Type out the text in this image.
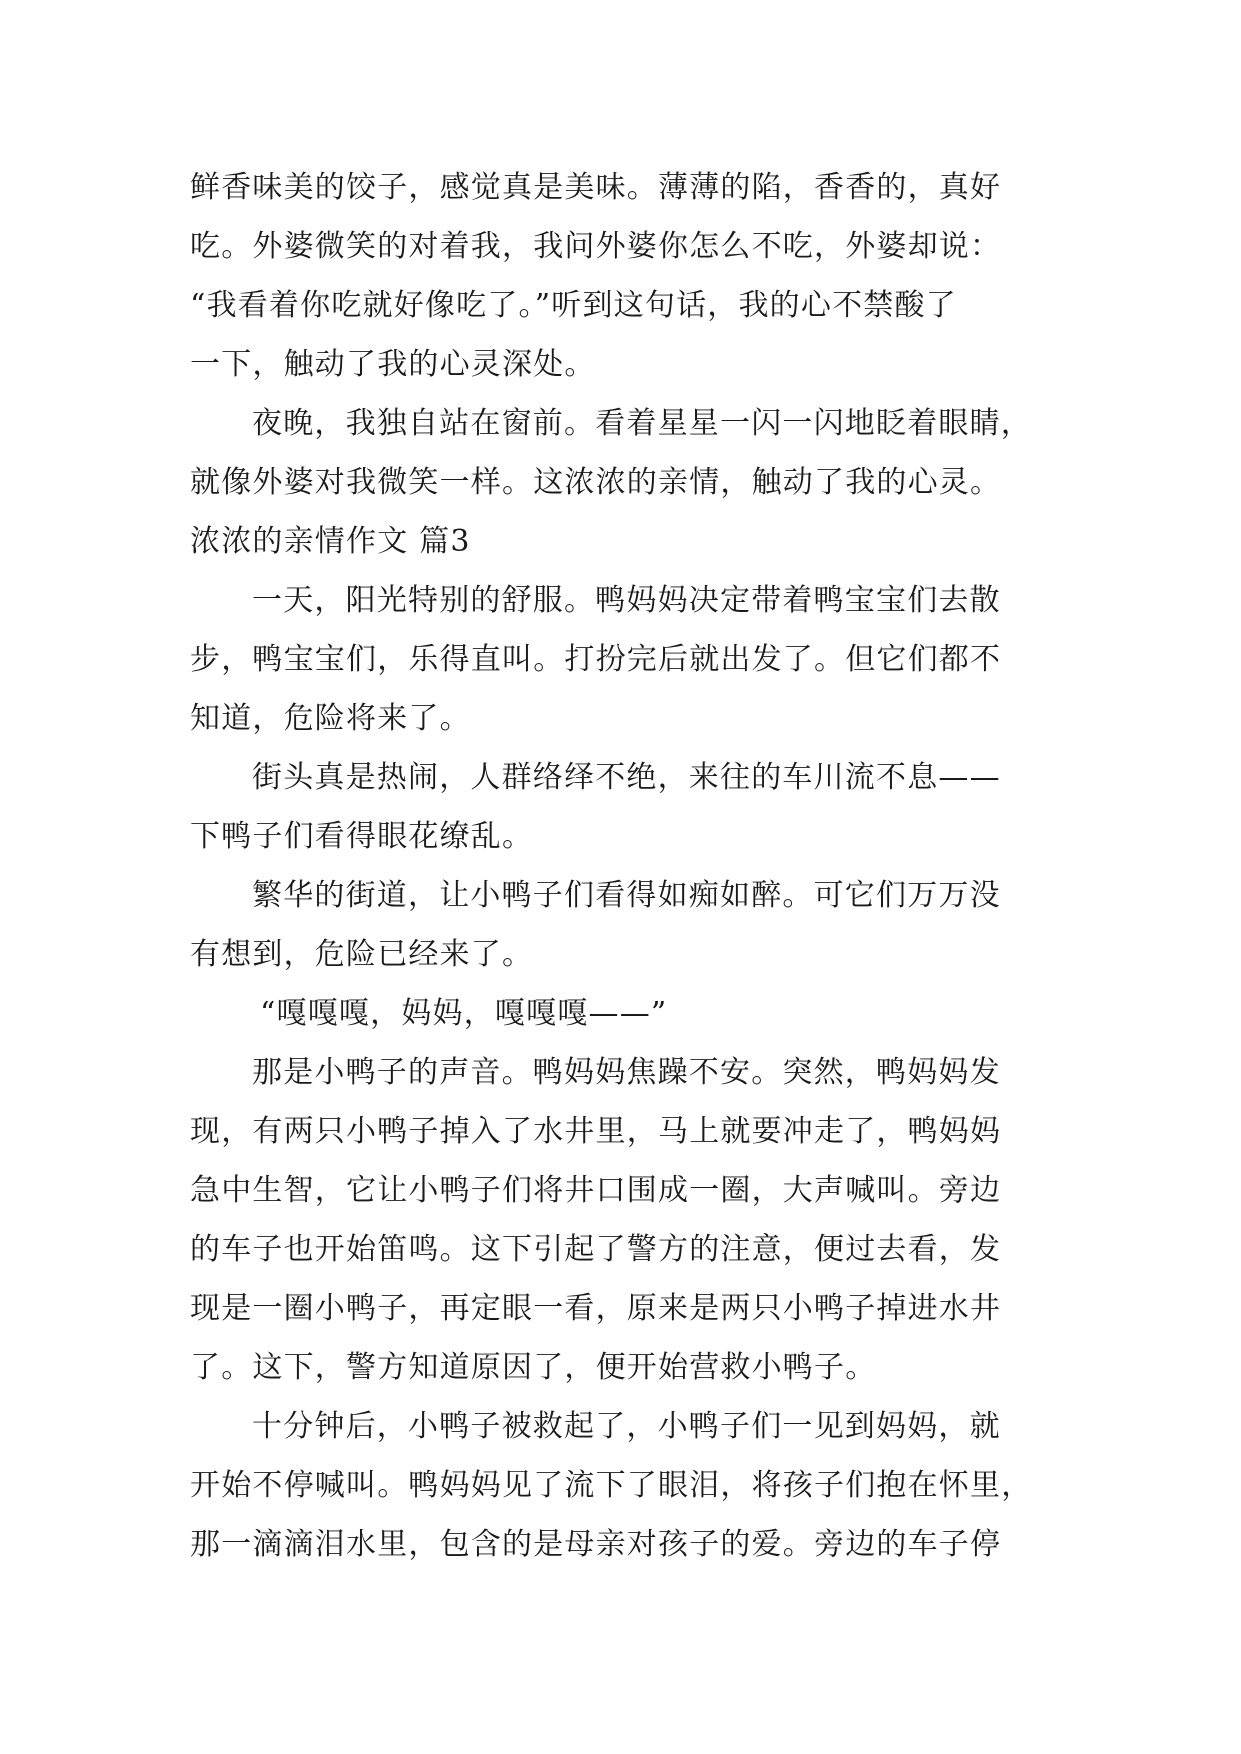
鲜香味美的饺子，感觉真是美味。薄薄的陷，香香的，真好
吃。外婆微笑的对着我，我问外婆你怎么不吃，外婆却说：
“我看着你吃就好像吃了。”听到这句话，我的心不禁酸了
一下，触动了我的心灵深处。
夜晚，我独自站在窗前。看着星星一闪一闪地眨着眼睛，
就像外婆对我微笑一样。这浓浓的亲情，触动了我的心灵。
浓浓的亲情作文 篇3
一天，阳光特别的舒服。鸭妈妈决定带着鸭宝宝们去散
步，鸭宝宝们，乐得直叫。打扮完后就出发了。但它们都不
知道，危险将来了。
街头真是热闹，人群络绎不绝，来往的车川流不息——
下鸭子们看得眼花缭乱。
繁华的街道，让小鸭子们看得如痴如醉。可它们万万没
有想到，危险已经来了。
“嘎嘎嘎，妈妈，嘎嘎嘎——”
那是小鸭子的声音。鸭妈妈焦躁不安。突然，鸭妈妈发
现，有两只小鸭子掉入了水井里，马上就要冲走了，鸭妈妈
急中生智，它让小鸭子们将井口围成一圈，大声喊叫。旁边
的车子也开始笛鸣。这下引起了警方的注意，便过去看，发
现是一圈小鸭子，再定眼一看，原来是两只小鸭子掉进水井
了。这下，警方知道原因了，便开始营救小鸭子。
十分钟后，小鸭子被救起了，小鸭子们一见到妈妈，就
开始不停喊叫。鸭妈妈见了流下了眼泪，将孩子们抱在怀里，
那一滴滴泪水里，包含的是母亲对孩子的爱。旁边的车子停
